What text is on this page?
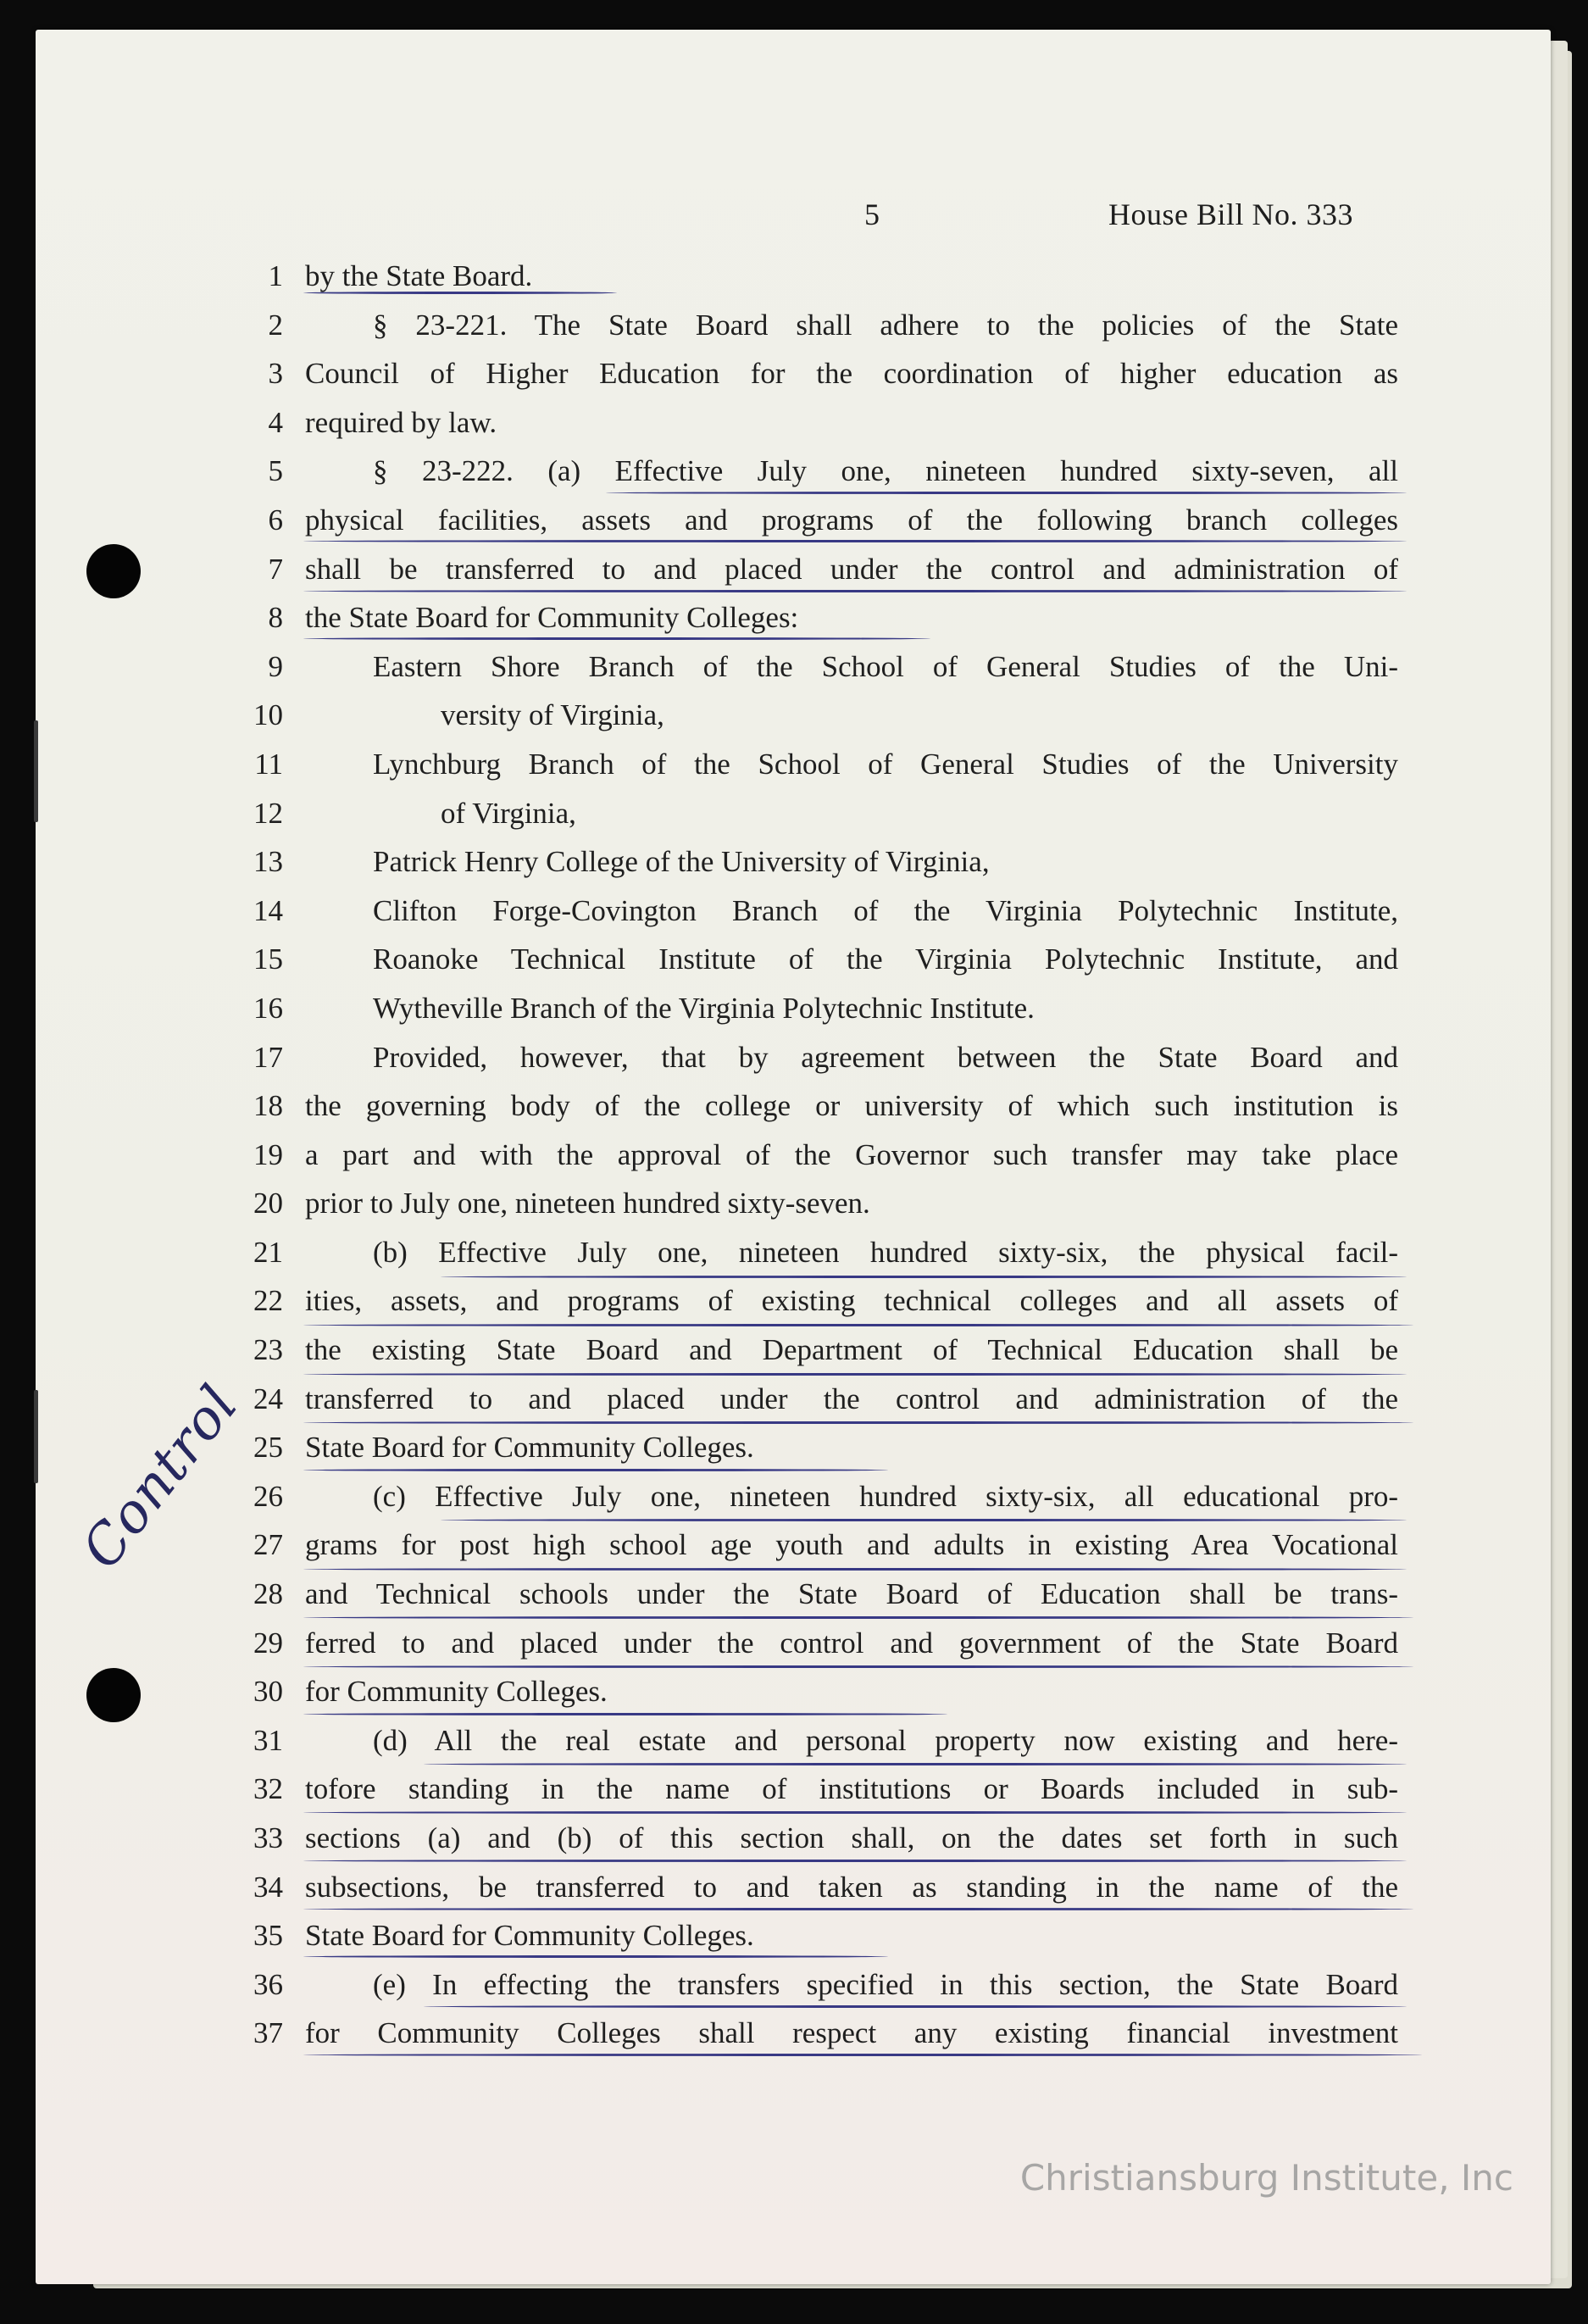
5	House Bill No. 333
1 by the State Board.
2	§ 23-221. The State Board shall adhere to the policies of the State
3 Council of Higher Education for the coordination of higher education as
4 required by law.
5	§ 23-222. (a) Effective July one, nineteen hundred sixty-seven, all
6 physical facilities, assets and programs of the following branch colleges
7 shall be transferred to and placed under the control and administration of
8 the State Board for Community Colleges:
9	Eastern Shore Branch of the School of General Studies of the Uni-
10	versity of Virginia,
11	Lynchburg Branch of the School of General Studies of the University
12	of Virginia,
13	Patrick Henry College of the University of Virginia,
14	Clifton Forge-Covington Branch of the Virginia Polytechnic Institute,
15	Roanoke Technical Institute of the Virginia Polytechnic Institute, and
16	Wytheville Branch of the Virginia Polytechnic Institute.
17	Provided, however, that by agreement between the State Board and
18 the governing body of the college or university of which such institution is
19 a part and with the approval of the Governor such transfer may take place
20 prior to July one, nineteen hundred sixty-seven.
21	(b) Effective July one, nineteen hundred sixty-six, the physical facil-
22 ities, assets, and programs of existing technical colleges and all assets of
23 the existing State Board and Department of Technical Education shall be
24 transferred to and placed under the control and administration of the
25 State Board for Community Colleges.
26	(c) Effective July one, nineteen hundred sixty-six, all educational pro-
27 grams for post high school age youth and adults in existing Area Vocational
28 and Technical schools under the State Board of Education shall be trans-
29 ferred to and placed under the control and government of the State Board
30 for Community Colleges.
31	(d) All the real estate and personal property now existing and here-
32 tofore standing in the name of institutions or Boards included in sub-
33 sections (a) and (b) of this section shall, on the dates set forth in such
34 subsections, be transferred to and taken as standing in the name of the
35 State Board for Community Colleges.
36	(e) In effecting the transfers specified in this section, the State Board
37 for Community Colleges shall respect any existing financial investment
Control
Christiansburg Institute, Inc
